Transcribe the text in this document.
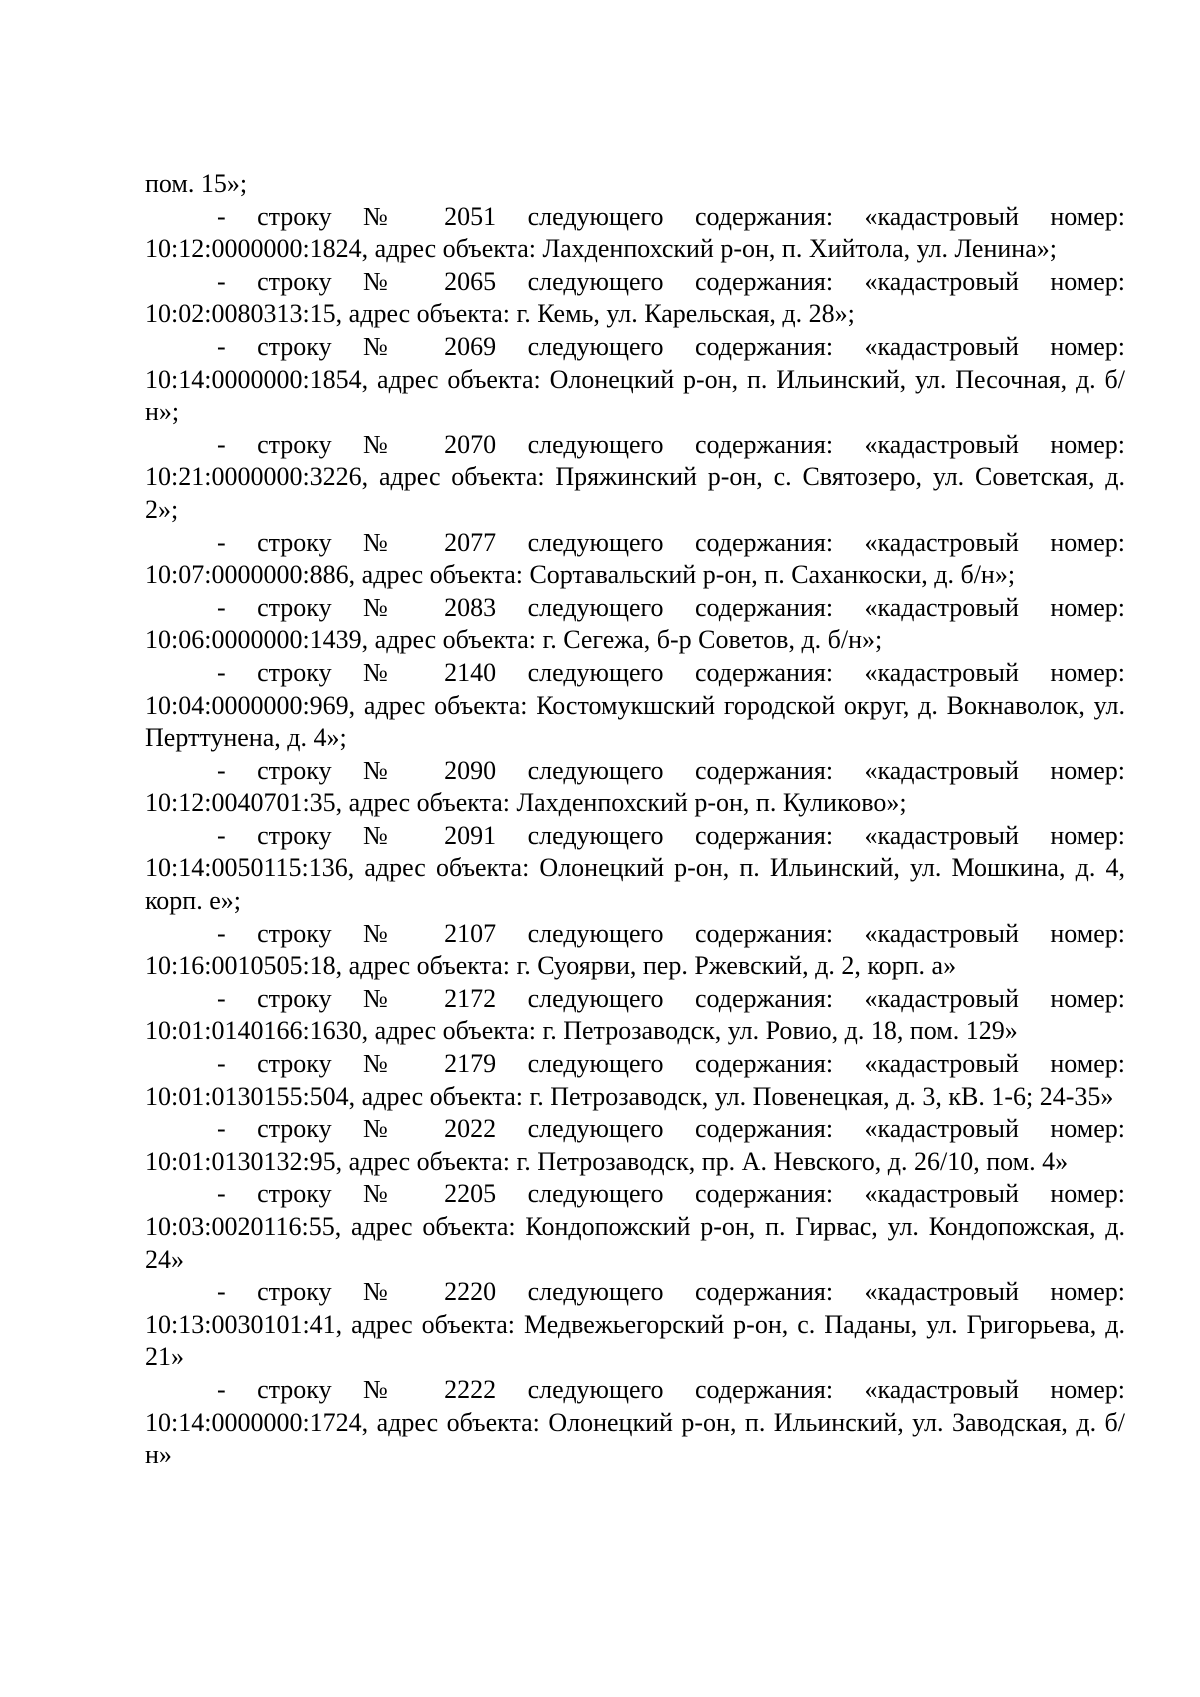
пом. 15»;

- строку № 2051 следующего содержания: «кадастровый номер: 10:12:0000000:1824, адрес объекта: Лахденпохский р-он, п. Хийтола, ул. Ленина»;

- строку № 2065 следующего содержания: «кадастровый номер: 10:02:0080313:15, адрес объекта: г. Кемь, ул. Карельская, д. 28»;

- строку № 2069 следующего содержания: «кадастровый номер: 10:14:0000000:1854, адрес объекта: Олонецкий р-он, п. Ильинский, ул. Песочная, д. б/н»;

- строку № 2070 следующего содержания: «кадастровый номер: 10:21:0000000:3226, адрес объекта: Пряжинский р-он, с. Святозеро, ул. Советская, д. 2»;

- строку № 2077 следующего содержания: «кадастровый номер: 10:07:0000000:886, адрес объекта: Сортавальский р-он, п. Саханкоски, д. б/н»;

- строку № 2083 следующего содержания: «кадастровый номер: 10:06:0000000:1439, адрес объекта: г. Сегежа, б-р Советов, д. б/н»;

- строку № 2140 следующего содержания: «кадастровый номер: 10:04:0000000:969, адрес объекта: Костомукшский городской округ, д. Вокнаволок, ул. Перттунена, д. 4»;

- строку № 2090 следующего содержания: «кадастровый номер: 10:12:0040701:35, адрес объекта: Лахденпохский р-он, п. Куликово»;

- строку № 2091 следующего содержания: «кадастровый номер: 10:14:0050115:136, адрес объекта: Олонецкий р-он, п. Ильинский, ул. Мошкина, д. 4, корп. е»;

- строку № 2107 следующего содержания: «кадастровый номер: 10:16:0010505:18, адрес объекта: г. Суоярви, пер. Ржевский, д. 2, корп. а»

- строку № 2172 следующего содержания: «кадастровый номер: 10:01:0140166:1630, адрес объекта: г. Петрозаводск, ул. Ровио, д. 18, пом. 129»

- строку № 2179 следующего содержания: «кадастровый номер: 10:01:0130155:504, адрес объекта: г. Петрозаводск, ул. Повенецкая, д. 3, кВ. 1-6; 24-35»

- строку № 2022 следующего содержания: «кадастровый номер: 10:01:0130132:95, адрес объекта: г. Петрозаводск, пр. А. Невского, д. 26/10, пом. 4»

- строку № 2205 следующего содержания: «кадастровый номер: 10:03:0020116:55, адрес объекта: Кондопожский р-он, п. Гирвас, ул. Кондопожская, д. 24»

- строку № 2220 следующего содержания: «кадастровый номер: 10:13:0030101:41, адрес объекта: Медвежьегорский р-он, с. Паданы, ул. Григорьева, д. 21»

- строку № 2222 следующего содержания: «кадастровый номер: 10:14:0000000:1724, адрес объекта: Олонецкий р-он, п. Ильинский, ул. Заводская, д. б/н»
